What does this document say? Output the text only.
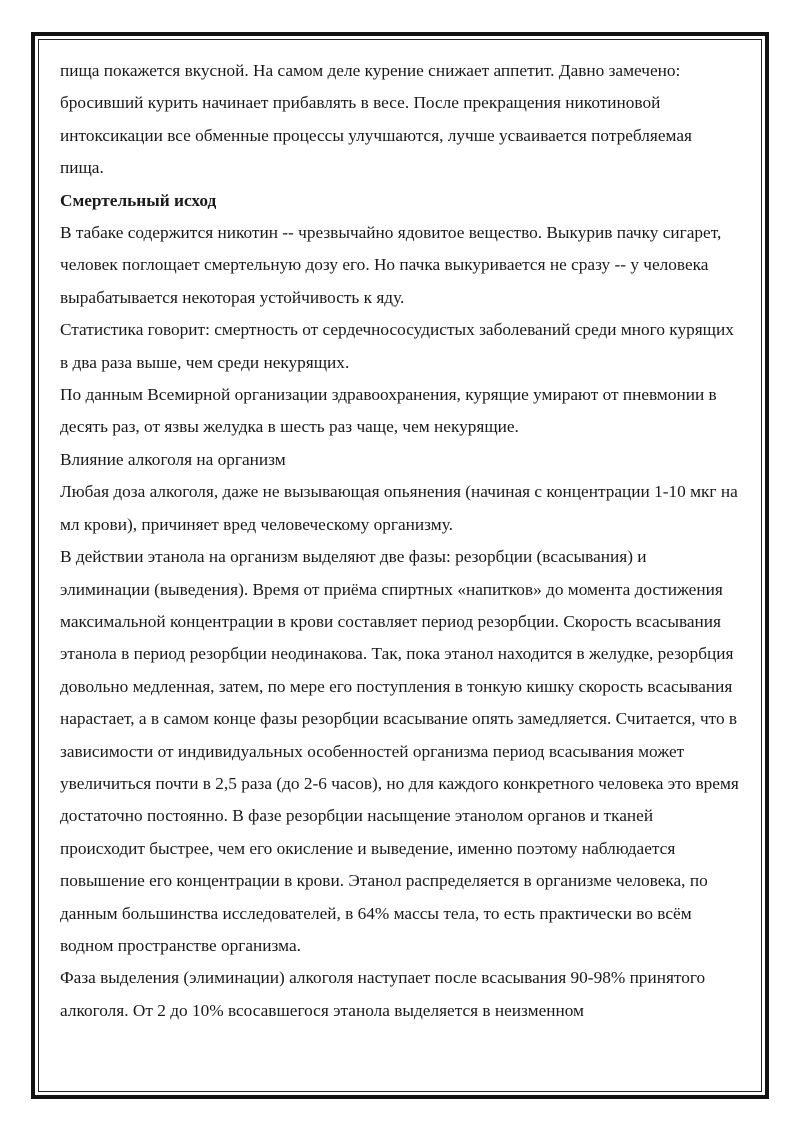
пища покажется вкусной. На самом деле курение снижает аппетит. Давно замечено: бросивший курить начинает прибавлять в весе. После прекращения никотиновой интоксикации все обменные процессы улучшаются, лучше усваивается потребляемая пища.

Смертельный исход

В табаке содержится никотин -- чрезвычайно ядовитое вещество. Выкурив пачку сигарет, человек поглощает смертельную дозу его. Но пачка выкуривается не сразу -- у человека вырабатывается некоторая устойчивость к яду.

Статистика говорит: смертность от сердечнососудистых заболеваний среди много курящих в два раза выше, чем среди некурящих.

По данным Всемирной организации здравоохранения, курящие умирают от пневмонии в десять раз, от язвы желудка в шесть раз чаще, чем некурящие.

Влияние алкоголя на организм

Любая доза алкоголя, даже не вызывающая опьянения (начиная с концентрации 1-10 мкг на мл крови), причиняет вред человеческому организму.

В действии этанола на организм выделяют две фазы: резорбции (всасывания) и элиминации (выведения). Время от приёма спиртных «напитков» до момента достижения максимальной концентрации в крови составляет период резорбции. Скорость всасывания этанола в период резорбции неодинакова. Так, пока этанол находится в желудке, резорбция довольно медленная, затем, по мере его поступления в тонкую кишку скорость всасывания нарастает, а в самом конце фазы резорбции всасывание опять замедляется. Считается, что в зависимости от индивидуальных особенностей организма период всасывания может увеличиться почти в 2,5 раза (до 2-6 часов), но для каждого конкретного человека это время достаточно постоянно. В фазе резорбции насыщение этанолом органов и тканей происходит быстрее, чем его окисление и выведение, именно поэтому наблюдается повышение его концентрации в крови. Этанол распределяется в организме человека, по данным большинства исследователей, в 64% массы тела, то есть практически во всём водном пространстве организма.

Фаза выделения (элиминации) алкоголя наступает после всасывания 90-98% принятого алкоголя. От 2 до 10% всосавшегося этанола выделяется в неизменном
